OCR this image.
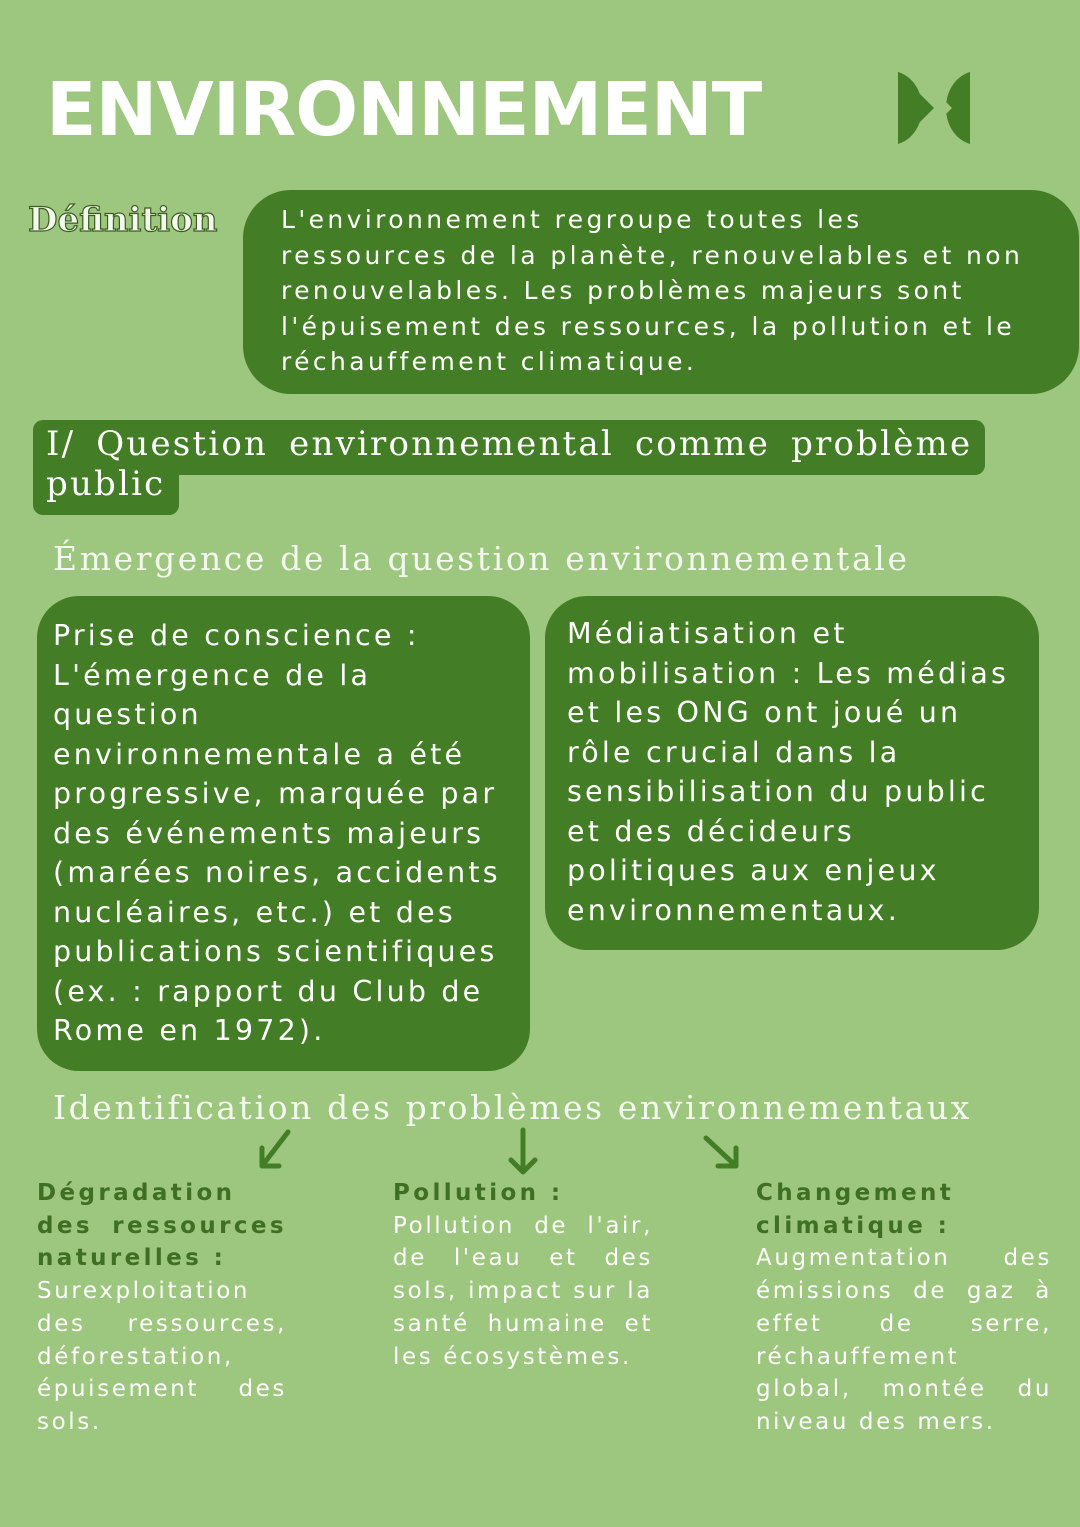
ENVIRONNEMENT
Définition	L'environnement regroupe toutes les ressources de la planète, renouvelables et non renouvelables. Les problèmes majeurs sont l'épuisement des ressources, la pollution et le réchauffement climatique.
I/ Question environnemental comme problème public
Émergence de la question environnementale
Prise de conscience : L'émergence de la question environnementale a été progressive, marquée par des événements majeurs (marées noires, accidents nucléaires, etc.) et des publications scientifiques (ex. : rapport du Club de Rome en 1972).
Médiatisation et mobilisation : Les médias et les ONG ont joué un rôle crucial dans la sensibilisation du public et des décideurs politiques aux enjeux environnementaux.
Identification des problèmes environnementaux
Dégradation des ressources naturelles :
Surexploitation des ressources, déforestation, épuisement des sols.
Pollution :
Pollution de l'air, de l'eau et des sols, impact sur la santé humaine et les écosystèmes.
Changement climatique :
Augmentation des émissions de gaz à effet de serre, réchauffement global, montée du niveau des mers.
